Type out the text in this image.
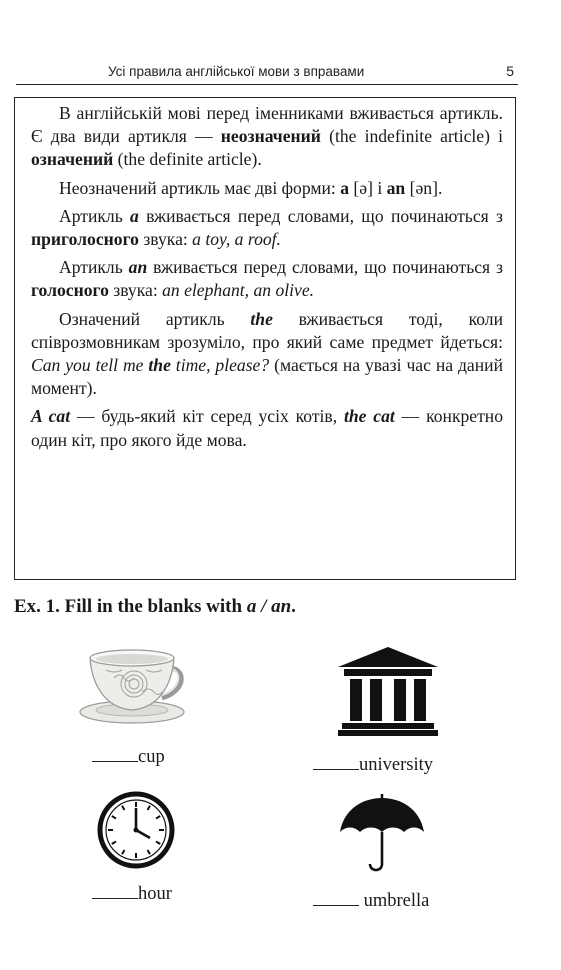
Усі правила англійської мови з вправами	5

В англійській мові перед іменниками вживається артикль. Є два види артикля — неозначений (the indefinite article) і означений (the definite article).

Неозначений артикль має дві форми: a [ə] і an [ən].

Артикль a вживається перед словами, що починаються з приголосного звука: a toy, a roof.

Артикль an вживається перед словами, що починаються з голосного звука: an elephant, an olive.

Означений артикль the вживається тоді, коли співрозмовникам зрозуміло, про який саме предмет йдеться: Can you tell me the time, please? (мається на увазі час на даний момент).

A cat — будь-який кіт серед усіх котів, the cat — конкретно один кіт, про якого йде мова.

Ex. 1. Fill in the blanks with a / an.
cup	university
hour	umbrella
